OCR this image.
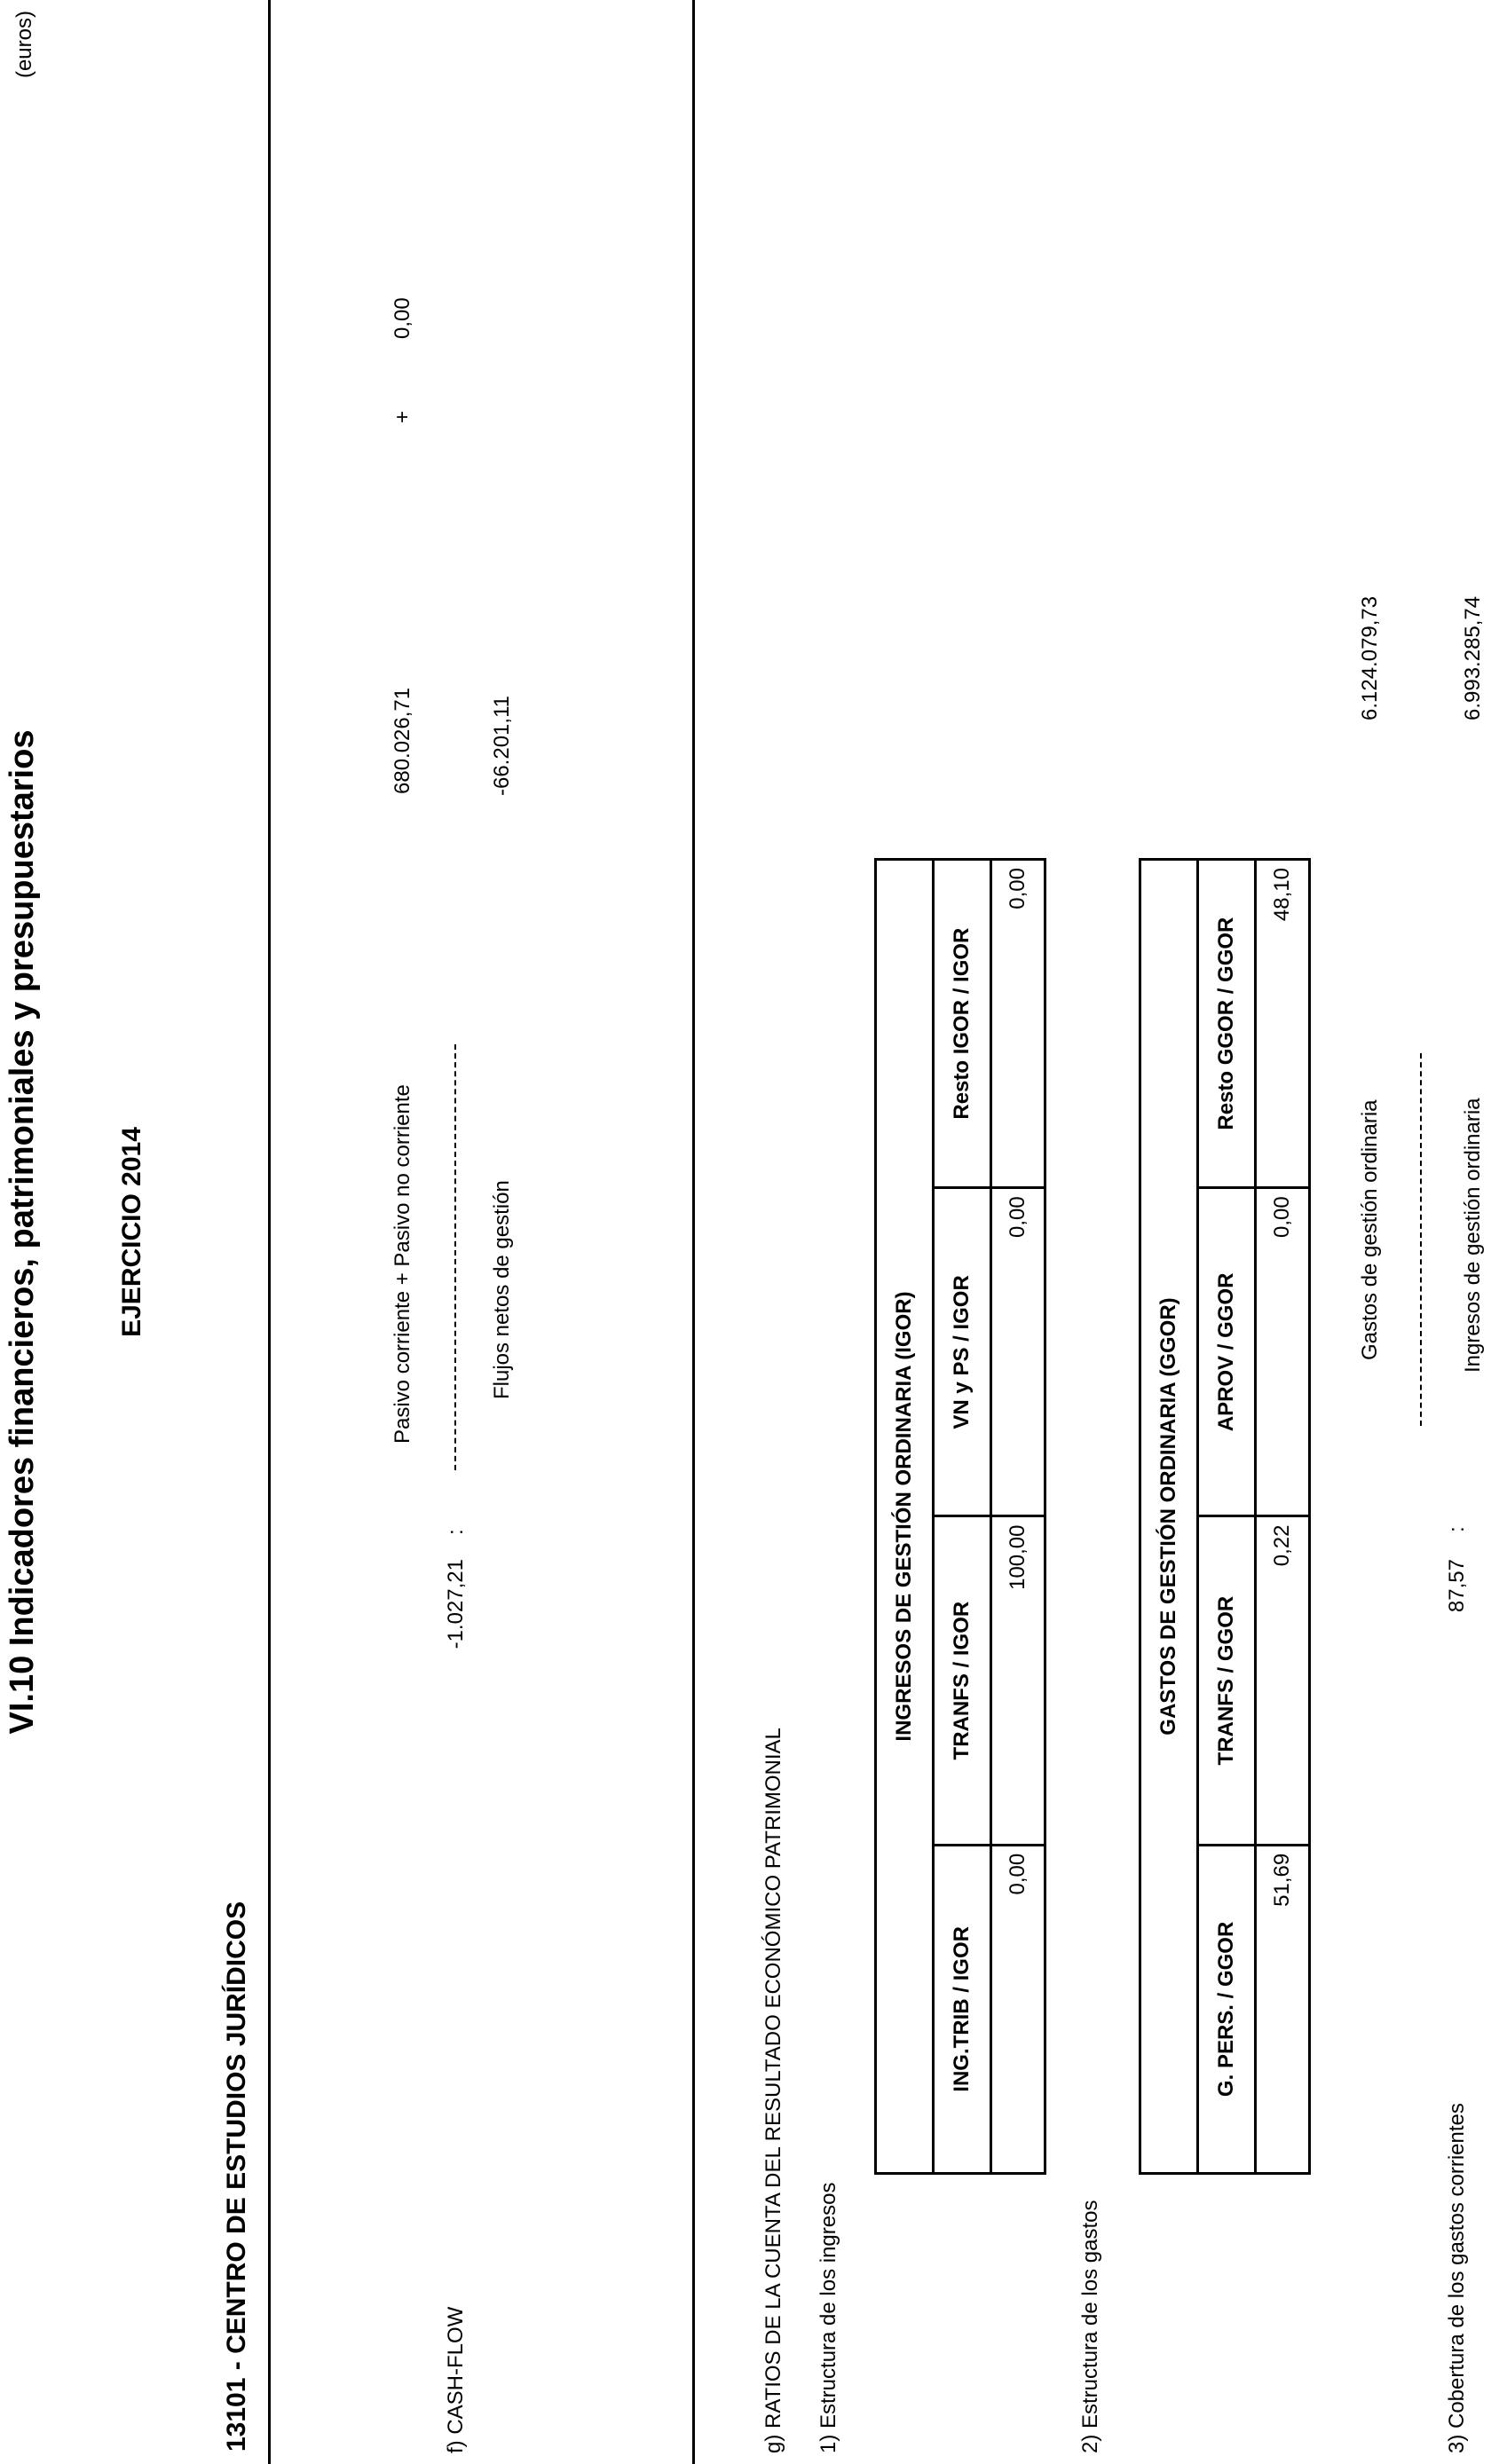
VI.10 Indicadores financieros, patrimoniales y presupuestarios	EJERCICIO 2014
13101 - CENTRO DE ESTUDIOS JURÍDICOS
(euros)
f) CASH-FLOW
-1.027,21
:
Pasivo corriente + Pasivo no corriente
680.026,71
+
0,00
Flujos netos de gestión
-66.201,11
g) RATIOS DE LA CUENTA DEL RESULTADO ECONÓMICO PATRIMONIAL 1) Estructura de los ingresos
INGRESOS DE GESTIÓN ORDINARIA (IGOR)			
ING.TRIB / IGOR	TRANFS / IGOR	VN y PS / IGOR	Resto IGOR / IGOR
0,00	100,00	0,00	0,00
2) Estructura de los gastos
GASTOS DE GESTIÓN ORDINARIA (GGOR)			
G. PERS. / GGOR	TRANFS / GGOR	APROV / GGOR	Resto GGOR / GGOR
51,69	0,22	0,00	48,10
3) Cobertura de los gastos corrientes
87,57
:
Gastos de gestión ordinaria
6.124.079,73
Ingresos de gestión ordinaria
6.993.285,74
